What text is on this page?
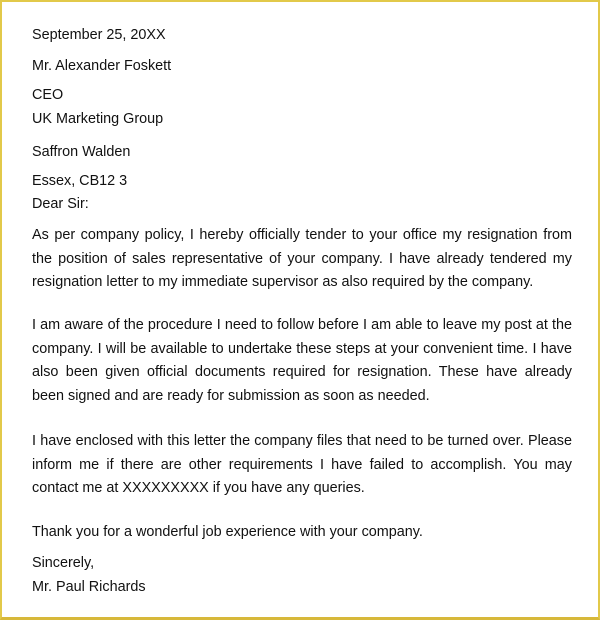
September 25, 20XX
Mr. Alexander Foskett
CEO
UK Marketing Group
Saffron Walden
Essex, CB12 3
Dear Sir:
As per company policy, I hereby officially tender to your office my resignation from the position of sales representative of your company. I have already tendered my resignation letter to my immediate supervisor as also required by the company.
I am aware of the procedure I need to follow before I am able to leave my post at the company. I will be available to undertake these steps at your convenient time. I have also been given official documents required for resignation. These have already been signed and are ready for submission as soon as needed.
I have enclosed with this letter the company files that need to be turned over. Please inform me if there are other requirements I have failed to accomplish. You may contact me at XXXXXXXXX if you have any queries.
Thank you for a wonderful job experience with your company.
Sincerely,
Mr. Paul Richards
